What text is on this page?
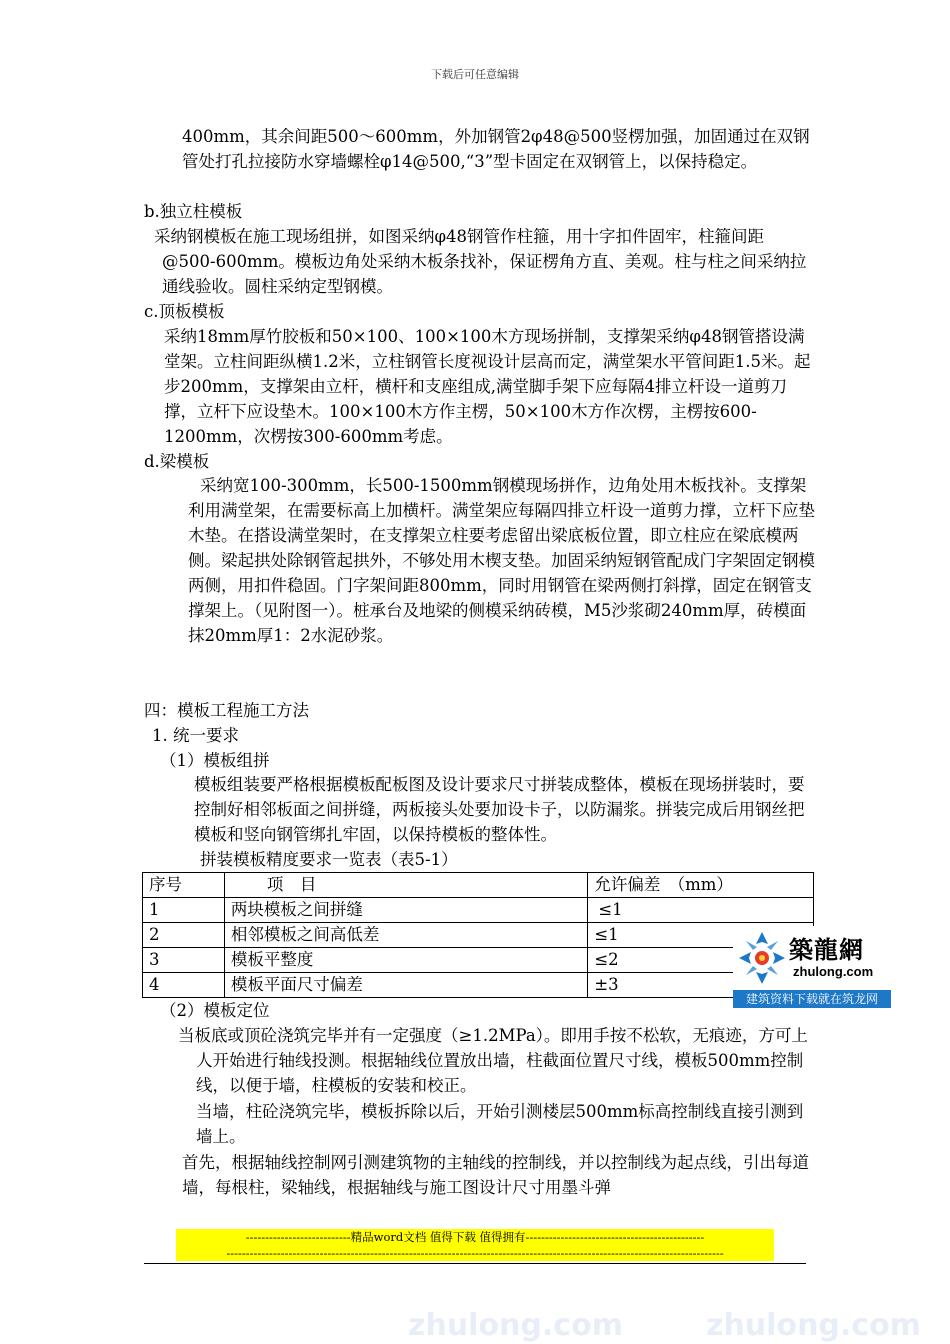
下载后可任意编辑
400mm，其余间距500～600mm，外加钢管2φ48@500竖楞加强，加固通过在双钢管处打孔拉接防水穿墙螺栓φ14@500,“3”型卡固定在双钢管上，以保持稳定。
b.独立柱模板
采纳钢模板在施工现场组拼，如图采纳φ48钢管作柱箍，用十字扣件固牢，柱箍间距@500-600mm。模板边角处采纳木板条找补，保证楞角方直、美观。柱与柱之间采纳拉通线验收。圆柱采纳定型钢模。
c.顶板模板
采纳18mm厚竹胶板和50×100、100×100木方现场拼制，支撑架采纳φ48钢管搭设满堂架。立柱间距纵横1.2米，立柱钢管长度视设计层高而定，满堂架水平管间距1.5米。起步200mm，支撑架由立杆，横杆和支座组成,满堂脚手架下应每隔4排立杆设一道剪刀撑，立杆下应设垫木。100×100木方作主楞，50×100木方作次楞，主楞按600-1200mm，次楞按300-600mm考虑。
d.梁模板
采纳宽100-300mm，长500-1500mm钢模现场拼作，边角处用木板找补。支撑架利用满堂架，在需要标高上加横杆。满堂架应每隔四排立杆设一道剪力撑，立杆下应垫木垫。在搭设满堂架时，在支撑架立柱要考虑留出梁底板位置，即立柱应在梁底模两侧。梁起拱处除钢管起拱外，不够处用木楔支垫。加固采纳短钢管配成门字架固定钢模两侧，用扣件稳固。门字架间距800mm，同时用钢管在梁两侧打斜撑，固定在钢管支撑架上。（见附图一）。桩承台及地梁的侧模采纳砖模，M5沙浆砌240mm厚，砖模面抹20mm厚1：2水泥砂浆。
四：模板工程施工方法
1. 统一要求
（1）模板组拼
模板组装要严格根据模板配板图及设计要求尺寸拼装成整体，模板在现场拼装时，要控制好相邻板面之间拼缝，两板接头处要加设卡子，以防漏浆。拼装完成后用钢丝把模板和竖向钢管绑扎牢固，以保持模板的整体性。
拼装模板精度要求一览表（表5-1）
序号	项　目	允许偏差　（mm）
1	两块模板之间拼缝	≤1
2	相邻模板之间高低差	≤1
3	模板平整度	≤2
4	模板平面尺寸偏差	±3
築龍網
zhulong.com
建筑资料下载就在筑龙网
（2）模板定位
当板底或顶砼浇筑完毕并有一定强度（≥1.2MPa）。即用手按不松软，无痕迹，方可上人开始进行轴线投测。根据轴线位置放出墙，柱截面位置尺寸线，模板500mm控制线，以便于墙，柱模板的安装和校正。
当墙，柱砼浇筑完毕，模板拆除以后，开始引测楼层500mm标高控制线直接引测到墙上。
首先，根据轴线控制网引测建筑物的主轴线的控制线，并以控制线为起点线，引出每道墙，每根柱，梁轴线，根据轴线与施工图设计尺寸用墨斗弹
---------------------------精品word文档 值得下载 值得拥有----------------------------------------------
--------------------------------------------------------------------------------------------------------------------------------
zhulong.com	zhulong.com
